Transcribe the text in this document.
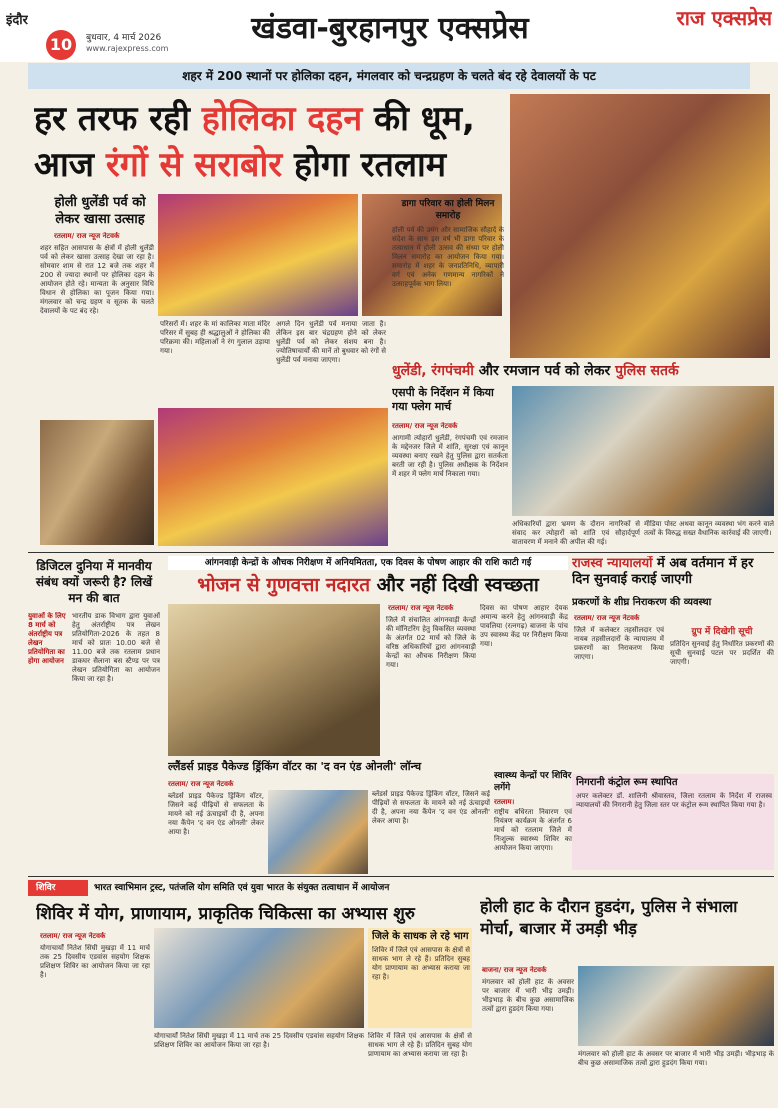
इंदौर
10	बुधवार, 4 मार्च 2026
www.rajexpress.com
खंडवा-बुरहानपुर एक्सप्रेस	राज एक्सप्रेस
शहर में 200 स्थानों पर होलिका दहन, मंगलवार को चन्द्रग्रहण के चलते बंद रहे देवालयों के पट
हर तरफ रही होलिका दहन की धूम,
आज रंगों से सराबोर होगा रतलाम
होली धुलेंडी पर्व को लेकर खासा उत्साह
रतलाम/ राज न्यूज नेटवर्क
शहर सहित आसपास के क्षेत्रों में होली धुलेंडी पर्व को लेकर खासा उत्साह देखा जा रहा है। सोमवार शाम से रात 12 बजे तक शहर में 200 से ज्यादा स्थानों पर होलिका दहन के आयोजन होते रहे। मान्यता के अनुसार विधि विधान से होलिका का पूजन किया गया। मंगलवार को चन्द्र ग्रहण व सूतक के चलते देवालयों के पट बंद रहे।
परिसरों में। शहर के मां कालिका माता मंदिर परिसर में सुबह ही श्रद्धालुओं ने होलिका की परिक्रमा की। महिलाओं ने रंग गुलाल उड़ाया गया।
अगले दिन धुलेंडी पर्व मनाया जाता है। लेकिन इस बार चंद्रग्रहण होने को लेकर धुलेंडी पर्व को लेकर संशय बना है। ज्योतिषाचार्यों की मानें तो बुधवार को रंगों से धुलेंडी पर्व मनाया जाएगा।
डागा परिवार का होली मिलन समारोह
होली पर्व की उमंग और सामाजिक सौहार्द के संदेश के साथ इस वर्ष भी डागा परिवार के तत्वाधान में होली उत्सव की संध्या पर होली मिलन समारोह का आयोजन किया गया। समारोह में शहर के जनप्रतिनिधि, व्यापारी वर्ग एवं अनेक गणमान्य नागरिकों ने उत्साहपूर्वक भाग लिया।
धुलेंडी, रंगपंचमी और रमजान पर्व को लेकर पुलिस सतर्क
एसपी के निर्देशन में किया गया फ्लेग मार्च
रतलाम/ राज न्यूज नेटवर्क
आगामी त्योहारों धुलेंडी, रंगपंचमी एवं रमजान के मद्देनजर जिले में शांति, सुरक्षा एवं कानून व्यवस्था बनाए रखने हेतु पुलिस द्वारा सतर्कता बरती जा रही है। पुलिस अधीक्षक के निर्देशन में शहर में फ्लेग मार्च निकाला गया।
अधिकारियों द्वारा भ्रमण के दौरान नागरिकों से संवाद कर त्योहारों को शांति एवं सौहार्दपूर्ण वातावरण में मनाने की अपील की गई।
मीडिया पोस्ट अथवा कानून व्यवस्था भंग करने वाले तत्वों के विरुद्ध सख्त वैधानिक कार्रवाई की जाएगी।
डिजिटल दुनिया में मानवीय संबंध क्यों जरूरी है? लिखें मन की बात
युवाओं के लिए 8 मार्च को अंतर्राष्ट्रीय पत्र लेखन प्रतियोगिता का होगा आयोजन
भारतीय डाक विभाग द्वारा युवाओं हेतु अंतर्राष्ट्रीय पत्र लेखन प्रतियोगिता-2026 के तहत 8 मार्च को प्रातः 10.00 बजे से 11.00 बजे तक रतलाम प्रधान डाकघर सैलाना बस स्टैण्ड पर पत्र लेखन प्रतियोगिता का आयोजन किया जा रहा है।
आंगनवाड़ी केन्द्रों के औचक निरीक्षण में अनियमितता, एक दिवस के पोषण आहार की राशि काटी गई
भोजन से गुणवत्ता नदारत और नहीं दिखी स्वच्छता
रतलाम/ राज न्यूज नेटवर्क
जिले में संचालित आंगनवाड़ी केन्द्रों की मॉनिटरिंग हेतु विकसित व्यवस्था के अंतर्गत 02 मार्च को जिले के वरिष्ठ अधिकारियों द्वारा आंगनवाड़ी केन्द्रों का औचक निरीक्षण किया गया।
दिवस का पोषण आहार देयक अमान्य करने हेतु आंगनवाड़ी केंद्र पावलिया (रत्नगढ़) बाजना के पांच उप स्वास्थ्य केंद्र पर निरीक्षण किया गया।
ल्लैंडर्स प्राइड पैकेज्ड ड्रिंकिंग वॉटर का 'द वन एंड ओनली' लॉन्च
रतलाम/ राज न्यूज नेटवर्क
ब्लेंडर्स प्राइड पैकेज्ड ड्रिंकिंग वॉटर, जिसने कई पीढ़ियों से सफलता के मायने को नई ऊंचाइयों दी है, अपना नया कैंपेन 'द वन एंड ओनली' लेकर आया है।
ब्लेंडर्स प्राइड पैकेज्ड ड्रिंकिंग वॉटर, जिसने कई पीढ़ियों से सफलता के मायने को नई ऊंचाइयों दी है, अपना नया कैंपेन 'द वन एंड ओनली' लेकर आया है।
स्वास्थ्य केन्द्रों पर शिविर लगेंगे
रतलाम।
राष्ट्रीय बधिरता निवारण एवं नियंत्रण कार्यक्रम के अंतर्गत 6 मार्च को रतलाम जिले में निःशुल्क स्वास्थ्य शिविर का आयोजन किया जाएगा।
राजस्व न्यायालयों में अब वर्तमान में हर दिन सुनवाई कराई जाएगी
प्रकरणों के शीघ्र निराकरण की व्यवस्था
रतलाम/ राज न्यूज नेटवर्क
जिले में कलेक्टर तहसीलदार एवं नायब तहसीलदारों के न्यायालय में प्रकरणों का निराकरण किया जाएगा।
ग्रुप में दिखेगी सूची
प्रतिदिन सुनवाई हेतु निर्धारित प्रकरणों की सूची सुनवाई पटल पर प्रदर्शित की जाएगी।
निगरानी कंट्रोल रूम स्थापित
अपर कलेक्टर डॉ. शालिनी श्रीवास्तव, जिला रतलाम के निर्देश में राजस्व न्यायालयों की निगरानी हेतु जिला स्तर पर कंट्रोल रूम स्थापित किया गया है।
शिविर	भारत स्वाभिमान ट्रस्ट, पतंजलि योग समिति एवं युवा भारत के संयुक्त तत्वाधान में आयोजन
शिविर में योग, प्राणायाम, प्राकृतिक चिकित्सा का अभ्यास शुरु
रतलाम/ राज न्यूज नेटवर्क
योगाचार्यों नितेश सिंघी मुखड़ा में 11 मार्च तक 25 दिवसीय एडवांस सहयोग शिक्षक प्रशिक्षण शिविर का आयोजन किया जा रहा है।
योगाचार्यों नितेश सिंघी मुखड़ा में 11 मार्च तक 25 दिवसीय एडवांस सहयोग शिक्षक प्रशिक्षण शिविर का आयोजन किया जा रहा है।
जिले के साधक ले रहे भाग
शिविर में जिले एवं आसपास के क्षेत्रों से साधक भाग ले रहे हैं। प्रतिदिन सुबह योग प्राणायाम का अभ्यास कराया जा रहा है।
शिविर में जिले एवं आसपास के क्षेत्रों से साधक भाग ले रहे हैं। प्रतिदिन सुबह योग प्राणायाम का अभ्यास कराया जा रहा है।
होली हाट के दौरान हुडदंग, पुलिस ने संभाला मोर्चा, बाजार में उमड़ी भीड़
बाजना/ राज न्यूज नेटवर्क
मंगलवार को होली हाट के अवसर पर बाजार में भारी भीड़ उमड़ी। भीड़भाड़ के बीच कुछ असामाजिक तत्वों द्वारा हुडदंग किया गया।
मंगलवार को होली हाट के अवसर पर बाजार में भारी भीड़ उमड़ी। भीड़भाड़ के बीच कुछ असामाजिक तत्वों द्वारा हुडदंग किया गया।
